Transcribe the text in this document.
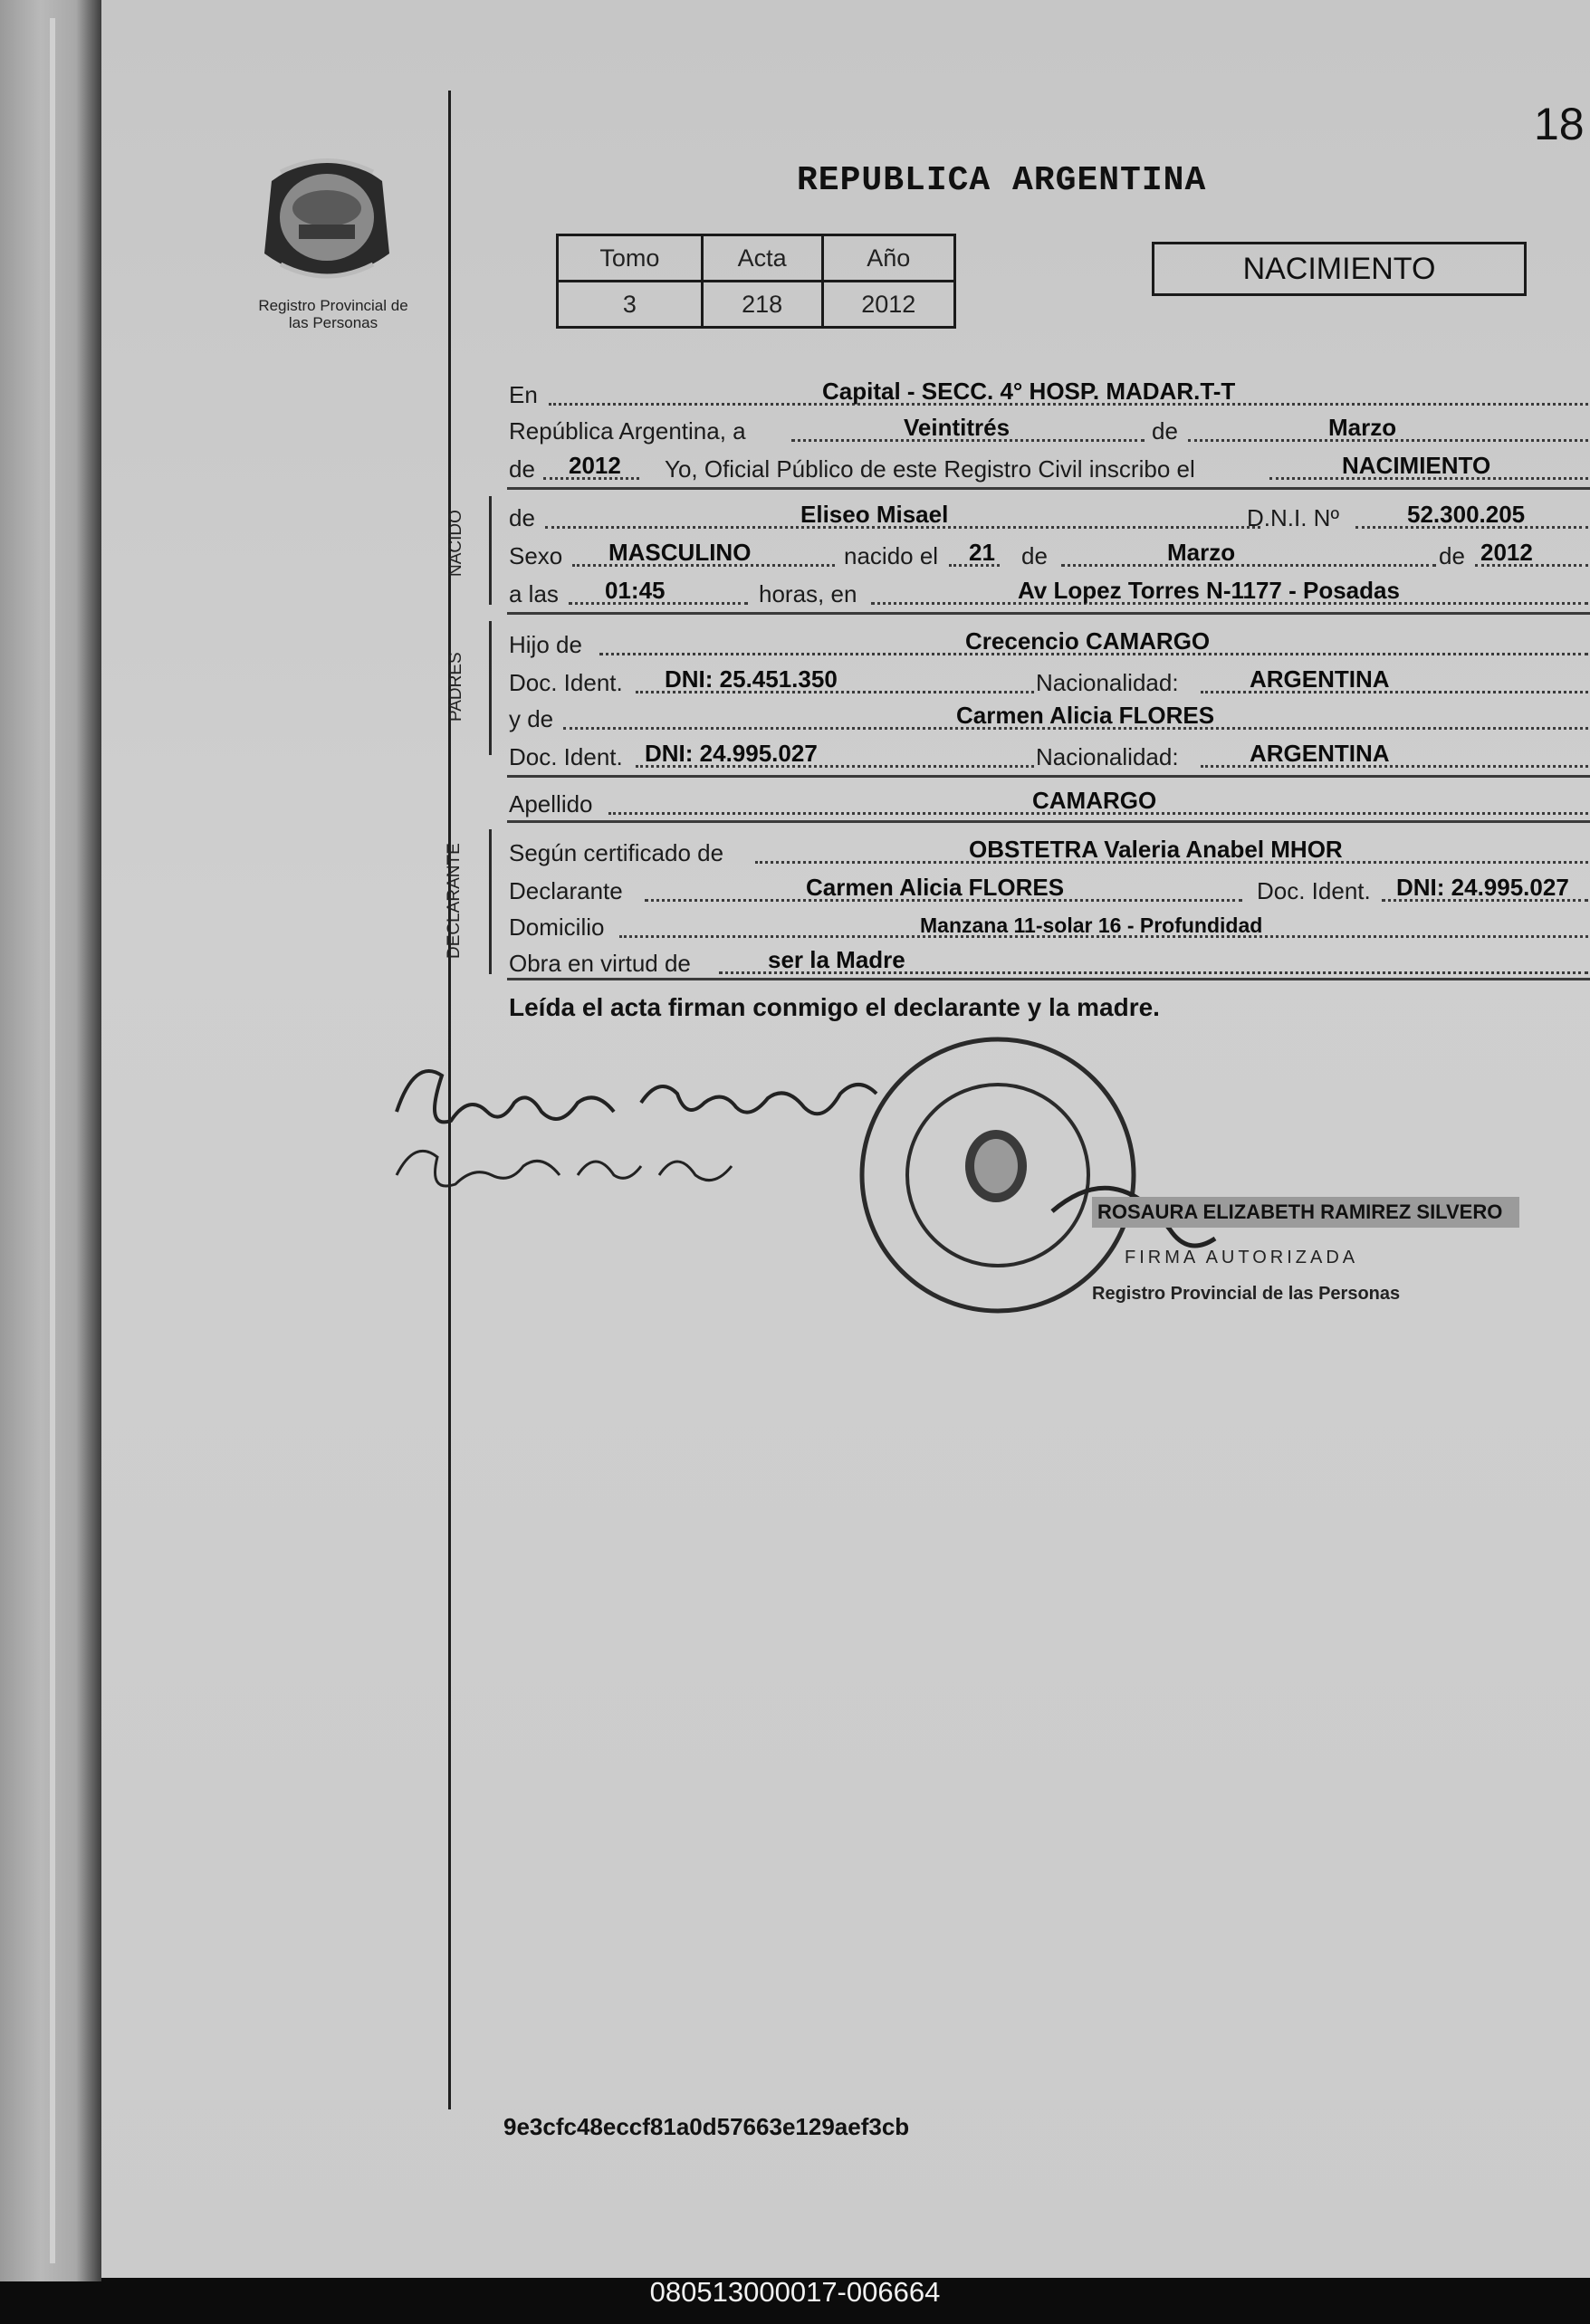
18
REPUBLICA ARGENTINA
Registro Provincial de las Personas
Tomo	Acta	Año
3	218	2012
NACIMIENTO
En	Capital - SECC. 4° HOSP. MADAR.T-T
República Argentina, a	Veintitrés	de	Marzo
de 2012 Yo, Oficial Público de este Registro Civil inscribo el	NACIMIENTO
NACIDO de	Eliseo Misael	D.N.I. Nº	52.300.205
Sexo MASCULINO	nacido el 21 de	Marzo	de 2012
a las 01:45	horas, en	Av Lopez Torres N-1177 - Posadas
PADRES
Hijo de	Crecencio CAMARGO
Doc. Ident. DNI: 25.451.350	Nacionalidad:	ARGENTINA
y de	Carmen Alicia FLORES
Doc. Ident. DNI: 24.995.027	Nacionalidad:	ARGENTINA
Apellido	CAMARGO
DECLARANTE Según certificado de	OBSTETRA Valeria Anabel MHOR
Declarante	Carmen Alicia FLORES	Doc. Ident. DNI: 24.995.027
Domicilio	Manzana 11-solar 16 - Profundidad
Obra en virtud de	ser la Madre
Leída el acta firman conmigo el declarante y la madre.
ROSAURA ELIZABETH RAMIREZ SILVERO
FIRMA AUTORIZADA
Registro Provincial de las Personas
9e3cfc48eccf81a0d57663e129aef3cb
080513000017-006664
